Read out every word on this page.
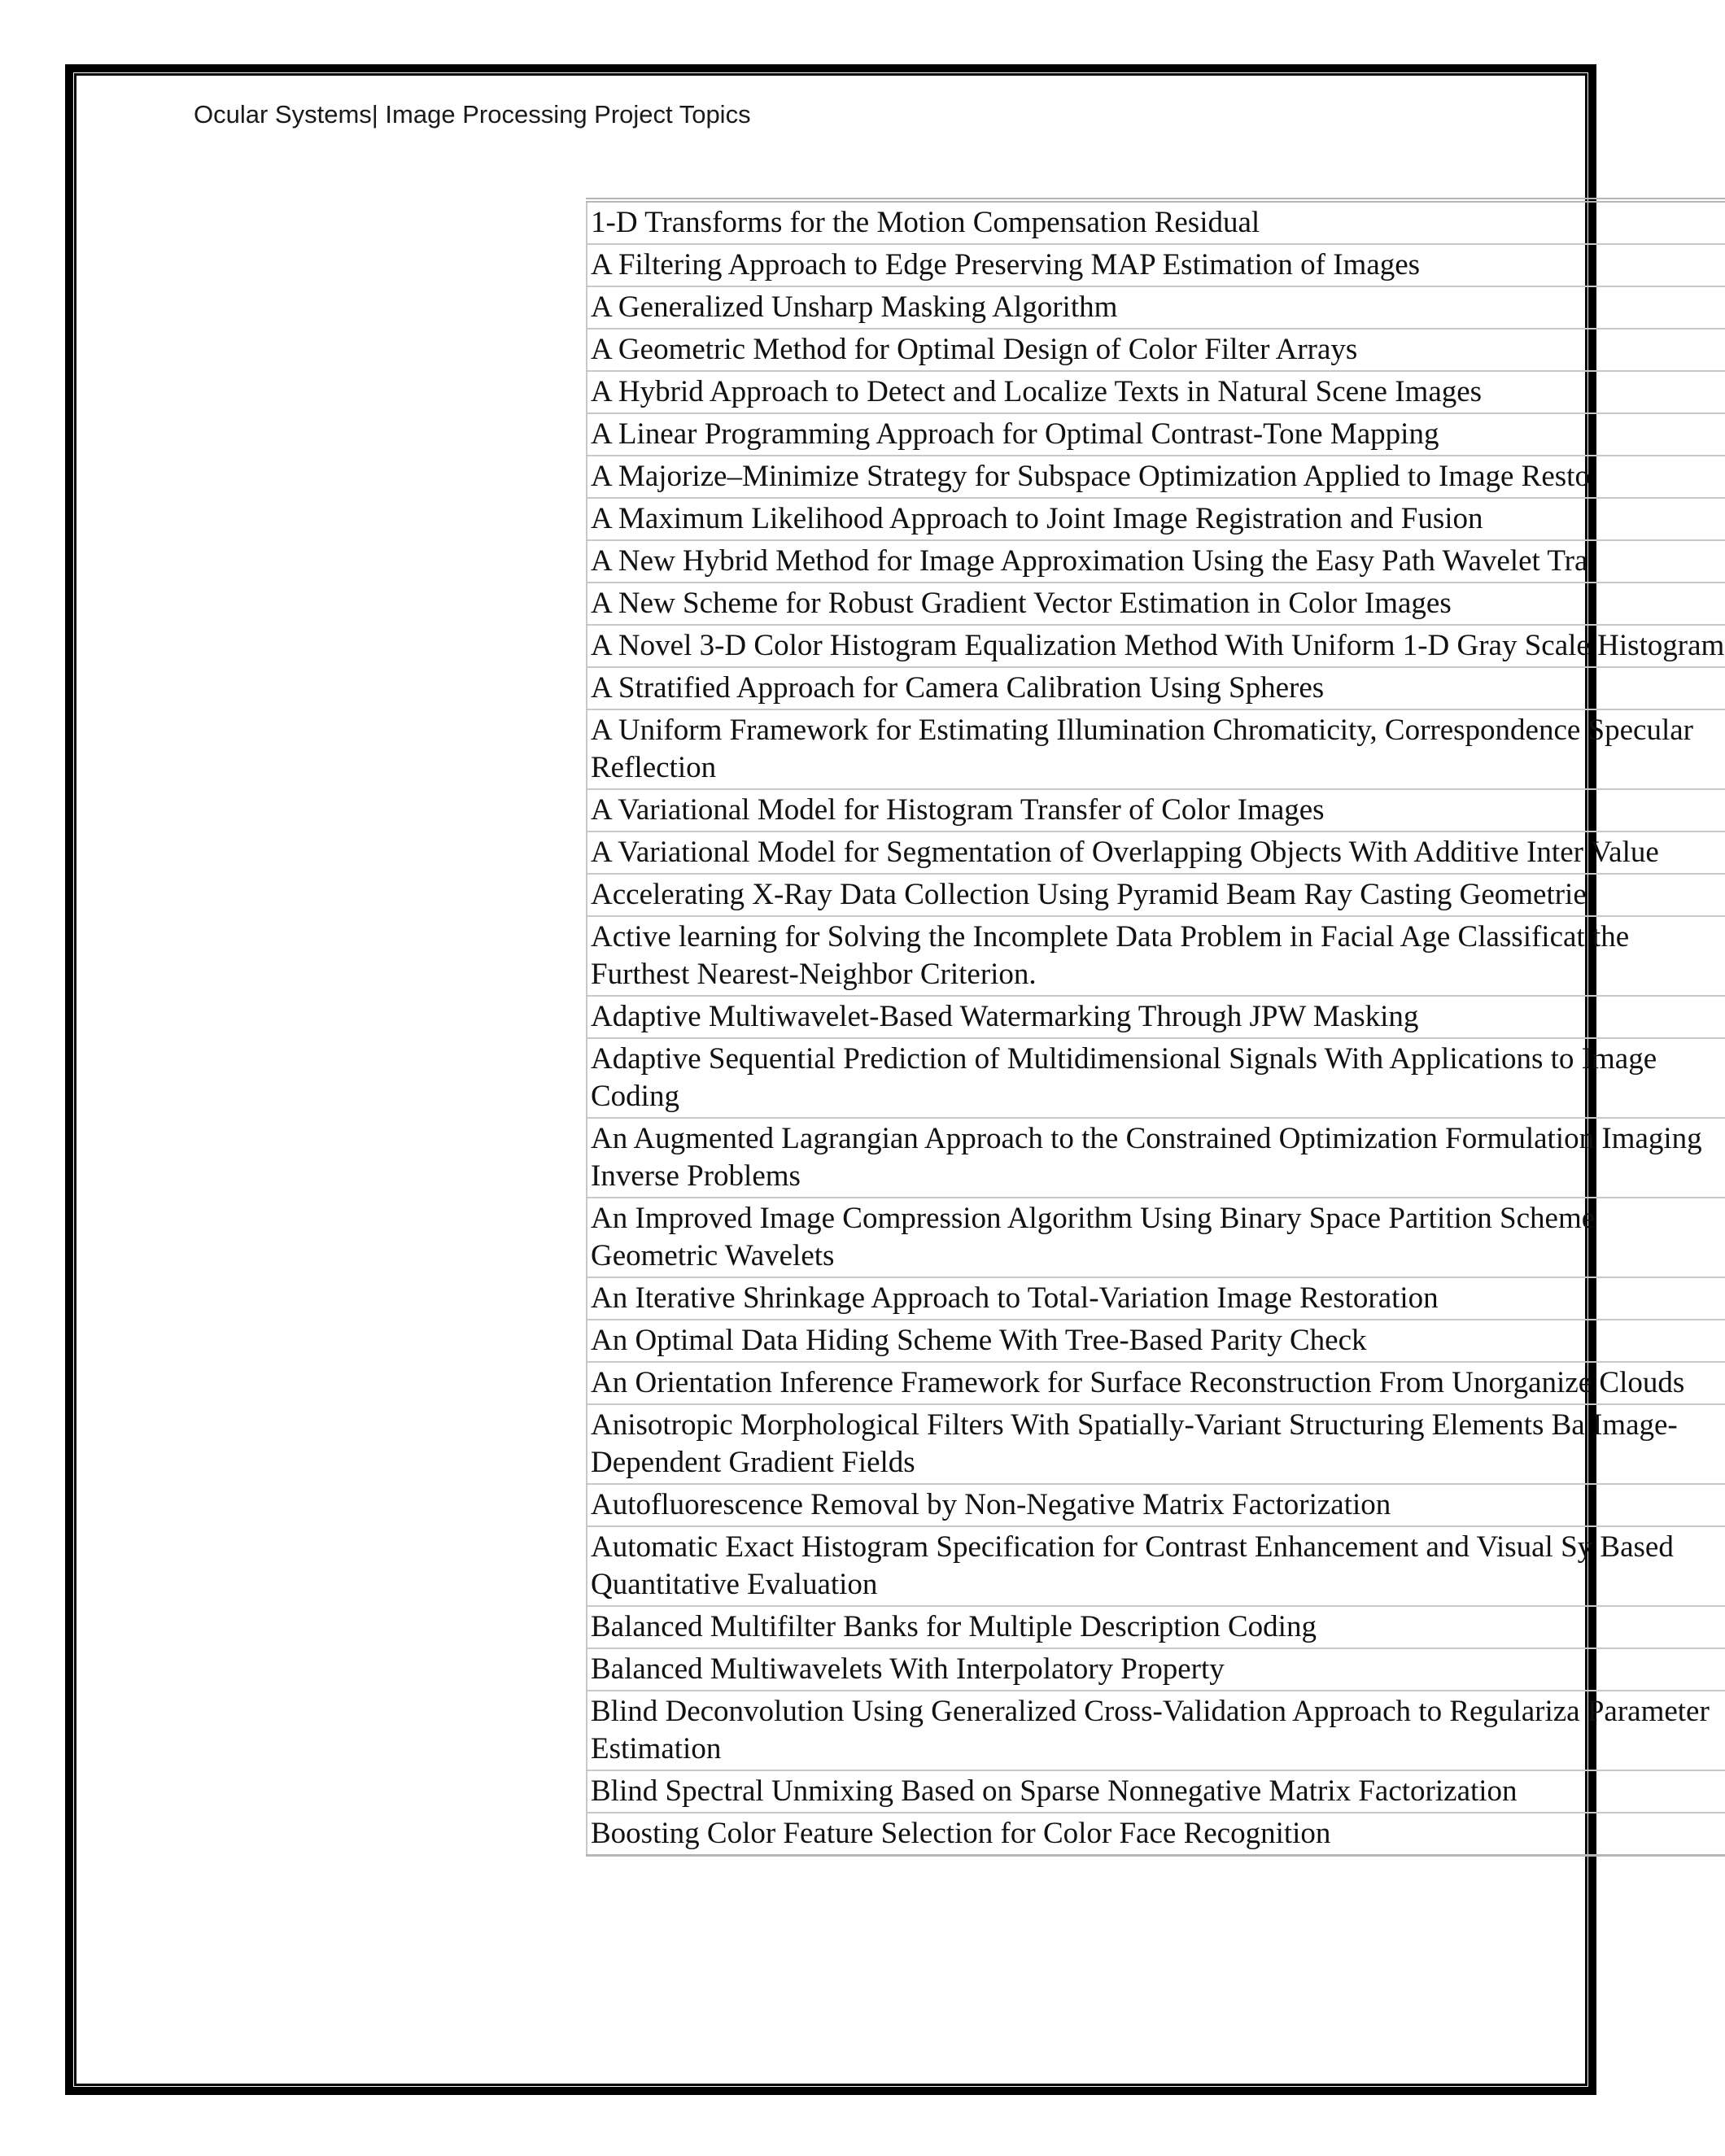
Ocular Systems| Image Processing Project Topics
1-D Transforms for the Motion Compensation Residual
A Filtering Approach to Edge Preserving MAP Estimation of Images
A Generalized Unsharp Masking Algorithm
A Geometric Method for Optimal Design of Color Filter Arrays
A Hybrid Approach to Detect and Localize Texts in Natural Scene Images
A Linear Programming Approach for Optimal Contrast-Tone Mapping
A Majorize–Minimize Strategy for Subspace Optimization Applied to Image Resto
A Maximum Likelihood Approach to Joint Image Registration and Fusion
A New Hybrid Method for Image Approximation Using the Easy Path Wavelet Tra
A New Scheme for Robust Gradient Vector Estimation in Color Images
A Novel 3-D Color Histogram Equalization Method With Uniform 1-D Gray Scale Histogram
A Stratified Approach for Camera Calibration Using Spheres
A Uniform Framework for Estimating Illumination Chromaticity, Correspondence Specular Reflection
A Variational Model for Histogram Transfer of Color Images
A Variational Model for Segmentation of Overlapping Objects With Additive Inter Value
Accelerating X-Ray Data Collection Using Pyramid Beam Ray Casting Geometrie
Active learning for Solving the Incomplete Data Problem in Facial Age Classificat the Furthest Nearest-Neighbor Criterion.
Adaptive Multiwavelet-Based Watermarking Through JPW Masking
Adaptive Sequential Prediction of Multidimensional Signals With Applications to Image Coding
An Augmented Lagrangian Approach to the Constrained Optimization Formulation Imaging Inverse Problems
An Improved Image Compression Algorithm Using Binary Space Partition Scheme Geometric Wavelets
An Iterative Shrinkage Approach to Total-Variation Image Restoration
An Optimal Data Hiding Scheme With Tree-Based Parity Check
An Orientation Inference Framework for Surface Reconstruction From Unorganize Clouds
Anisotropic Morphological Filters With Spatially-Variant Structuring Elements Ba Image-Dependent Gradient Fields
Autofluorescence Removal by Non-Negative Matrix Factorization
Automatic Exact Histogram Specification for Contrast Enhancement and Visual Sy Based Quantitative Evaluation
Balanced Multifilter Banks for Multiple Description Coding
Balanced Multiwavelets With Interpolatory Property
Blind Deconvolution Using Generalized Cross-Validation Approach to Regulariza Parameter Estimation
Blind Spectral Unmixing Based on Sparse Nonnegative Matrix Factorization
Boosting Color Feature Selection for Color Face Recognition
